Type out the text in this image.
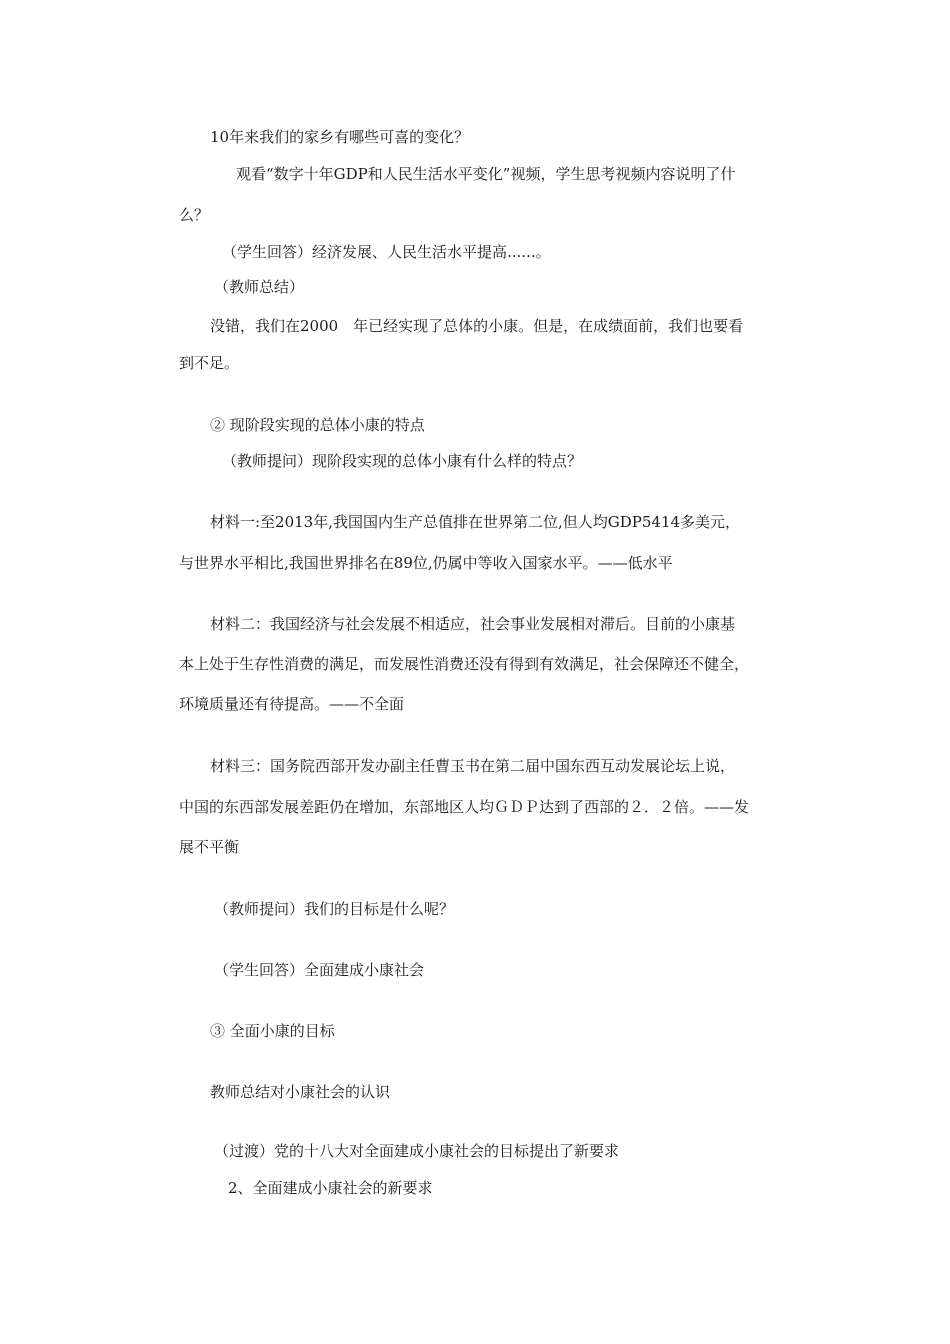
10年来我们的家乡有哪些可喜的变化？
观看“数字十年GDP和人民生活水平变化”视频，学生思考视频内容说明了什
么？
（学生回答）经济发展、人民生活水平提高......。
（教师总结）
没错，我们在2000　年已经实现了总体的小康。但是，在成绩面前，我们也要看
到不足。
② 现阶段实现的总体小康的特点
（教师提问）现阶段实现的总体小康有什么样的特点？
材料一:至2013年,我国国内生产总值排在世界第二位,但人均GDP5414多美元，
与世界水平相比,我国世界排名在89位,仍属中等收入国家水平。——低水平
材料二：我国经济与社会发展不相适应，社会事业发展相对滞后。目前的小康基
本上处于生存性消费的满足，而发展性消费还没有得到有效满足，社会保障还不健全，
环境质量还有待提高。——不全面
材料三：国务院西部开发办副主任曹玉书在第二届中国东西互动发展论坛上说，
中国的东西部发展差距仍在增加，东部地区人均ＧＤＰ达到了西部的２．２倍。——发
展不平衡
（教师提问）我们的目标是什么呢？
（学生回答）全面建成小康社会
③ 全面小康的目标
教师总结对小康社会的认识
（过渡）党的十八大对全面建成小康社会的目标提出了新要求
2、全面建成小康社会的新要求
